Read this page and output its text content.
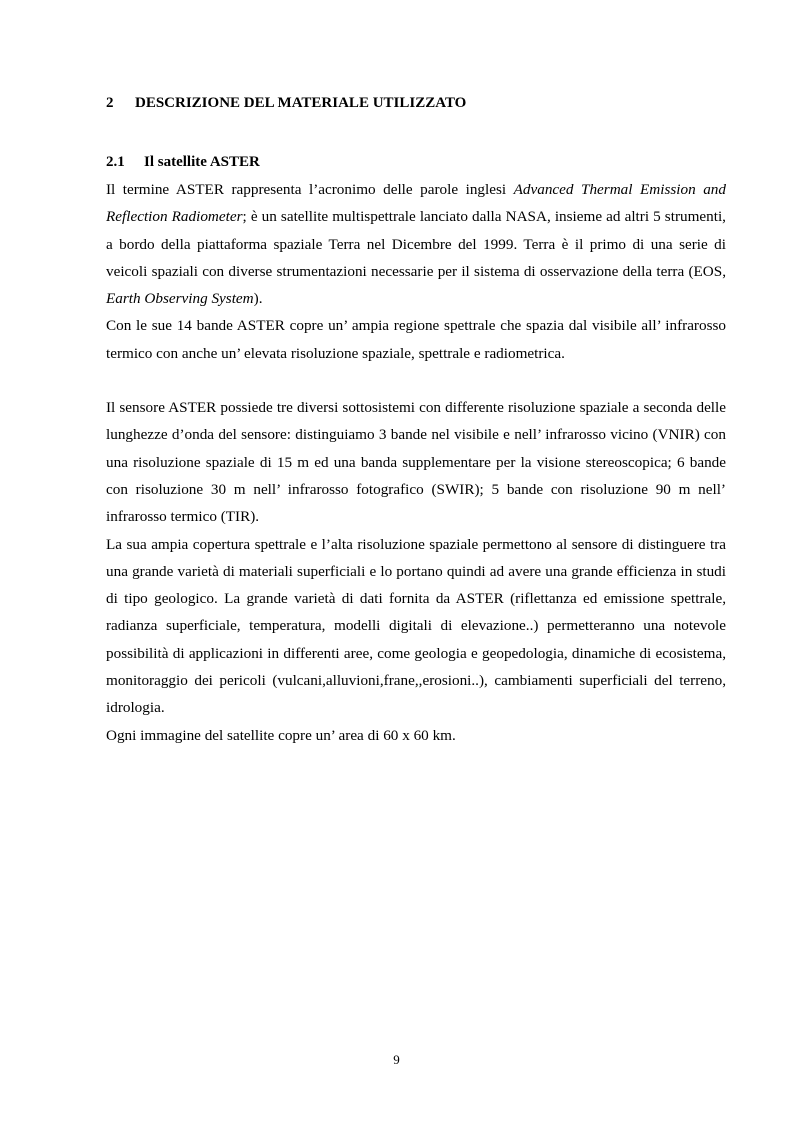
2 DESCRIZIONE DEL MATERIALE UTILIZZATO

2.1 Il satellite ASTER

Il termine ASTER rappresenta l’acronimo delle parole inglesi Advanced Thermal Emission and Reflection Radiometer; è un satellite multispettrale lanciato dalla NASA, insieme ad altri 5 strumenti, a bordo della piattaforma spaziale Terra nel Dicembre del 1999. Terra è il primo di una serie di veicoli spaziali con diverse strumentazioni necessarie per il sistema di osservazione della terra (EOS, Earth Observing System).

Con le sue 14 bande ASTER copre un’ ampia regione spettrale che spazia dal visibile all’ infrarosso termico con anche un’ elevata risoluzione spaziale, spettrale e radiometrica.

Il sensore ASTER possiede tre diversi sottosistemi con differente risoluzione spaziale a seconda delle lunghezze d’onda del sensore: distinguiamo 3 bande nel visibile e nell’ infrarosso vicino (VNIR) con una risoluzione spaziale di 15 m ed una banda supplementare per la visione stereoscopica; 6 bande con risoluzione 30 m nell’ infrarosso fotografico (SWIR); 5 bande con risoluzione 90 m nell’ infrarosso termico (TIR).

La sua ampia copertura spettrale e l’alta risoluzione spaziale permettono al sensore di distinguere tra una grande varietà di materiali superficiali e lo portano quindi ad avere una grande efficienza in studi di tipo geologico. La grande varietà di dati fornita da ASTER (riflettanza ed emissione spettrale, radianza superficiale, temperatura, modelli digitali di elevazione..) permetteranno una notevole possibilità di applicazioni in differenti aree, come geologia e geopedologia, dinamiche di ecosistema, monitoraggio dei pericoli (vulcani,alluvioni,frane,,erosioni..), cambiamenti superficiali del terreno, idrologia.

Ogni immagine del satellite copre un’ area di 60 x 60 km.

9
